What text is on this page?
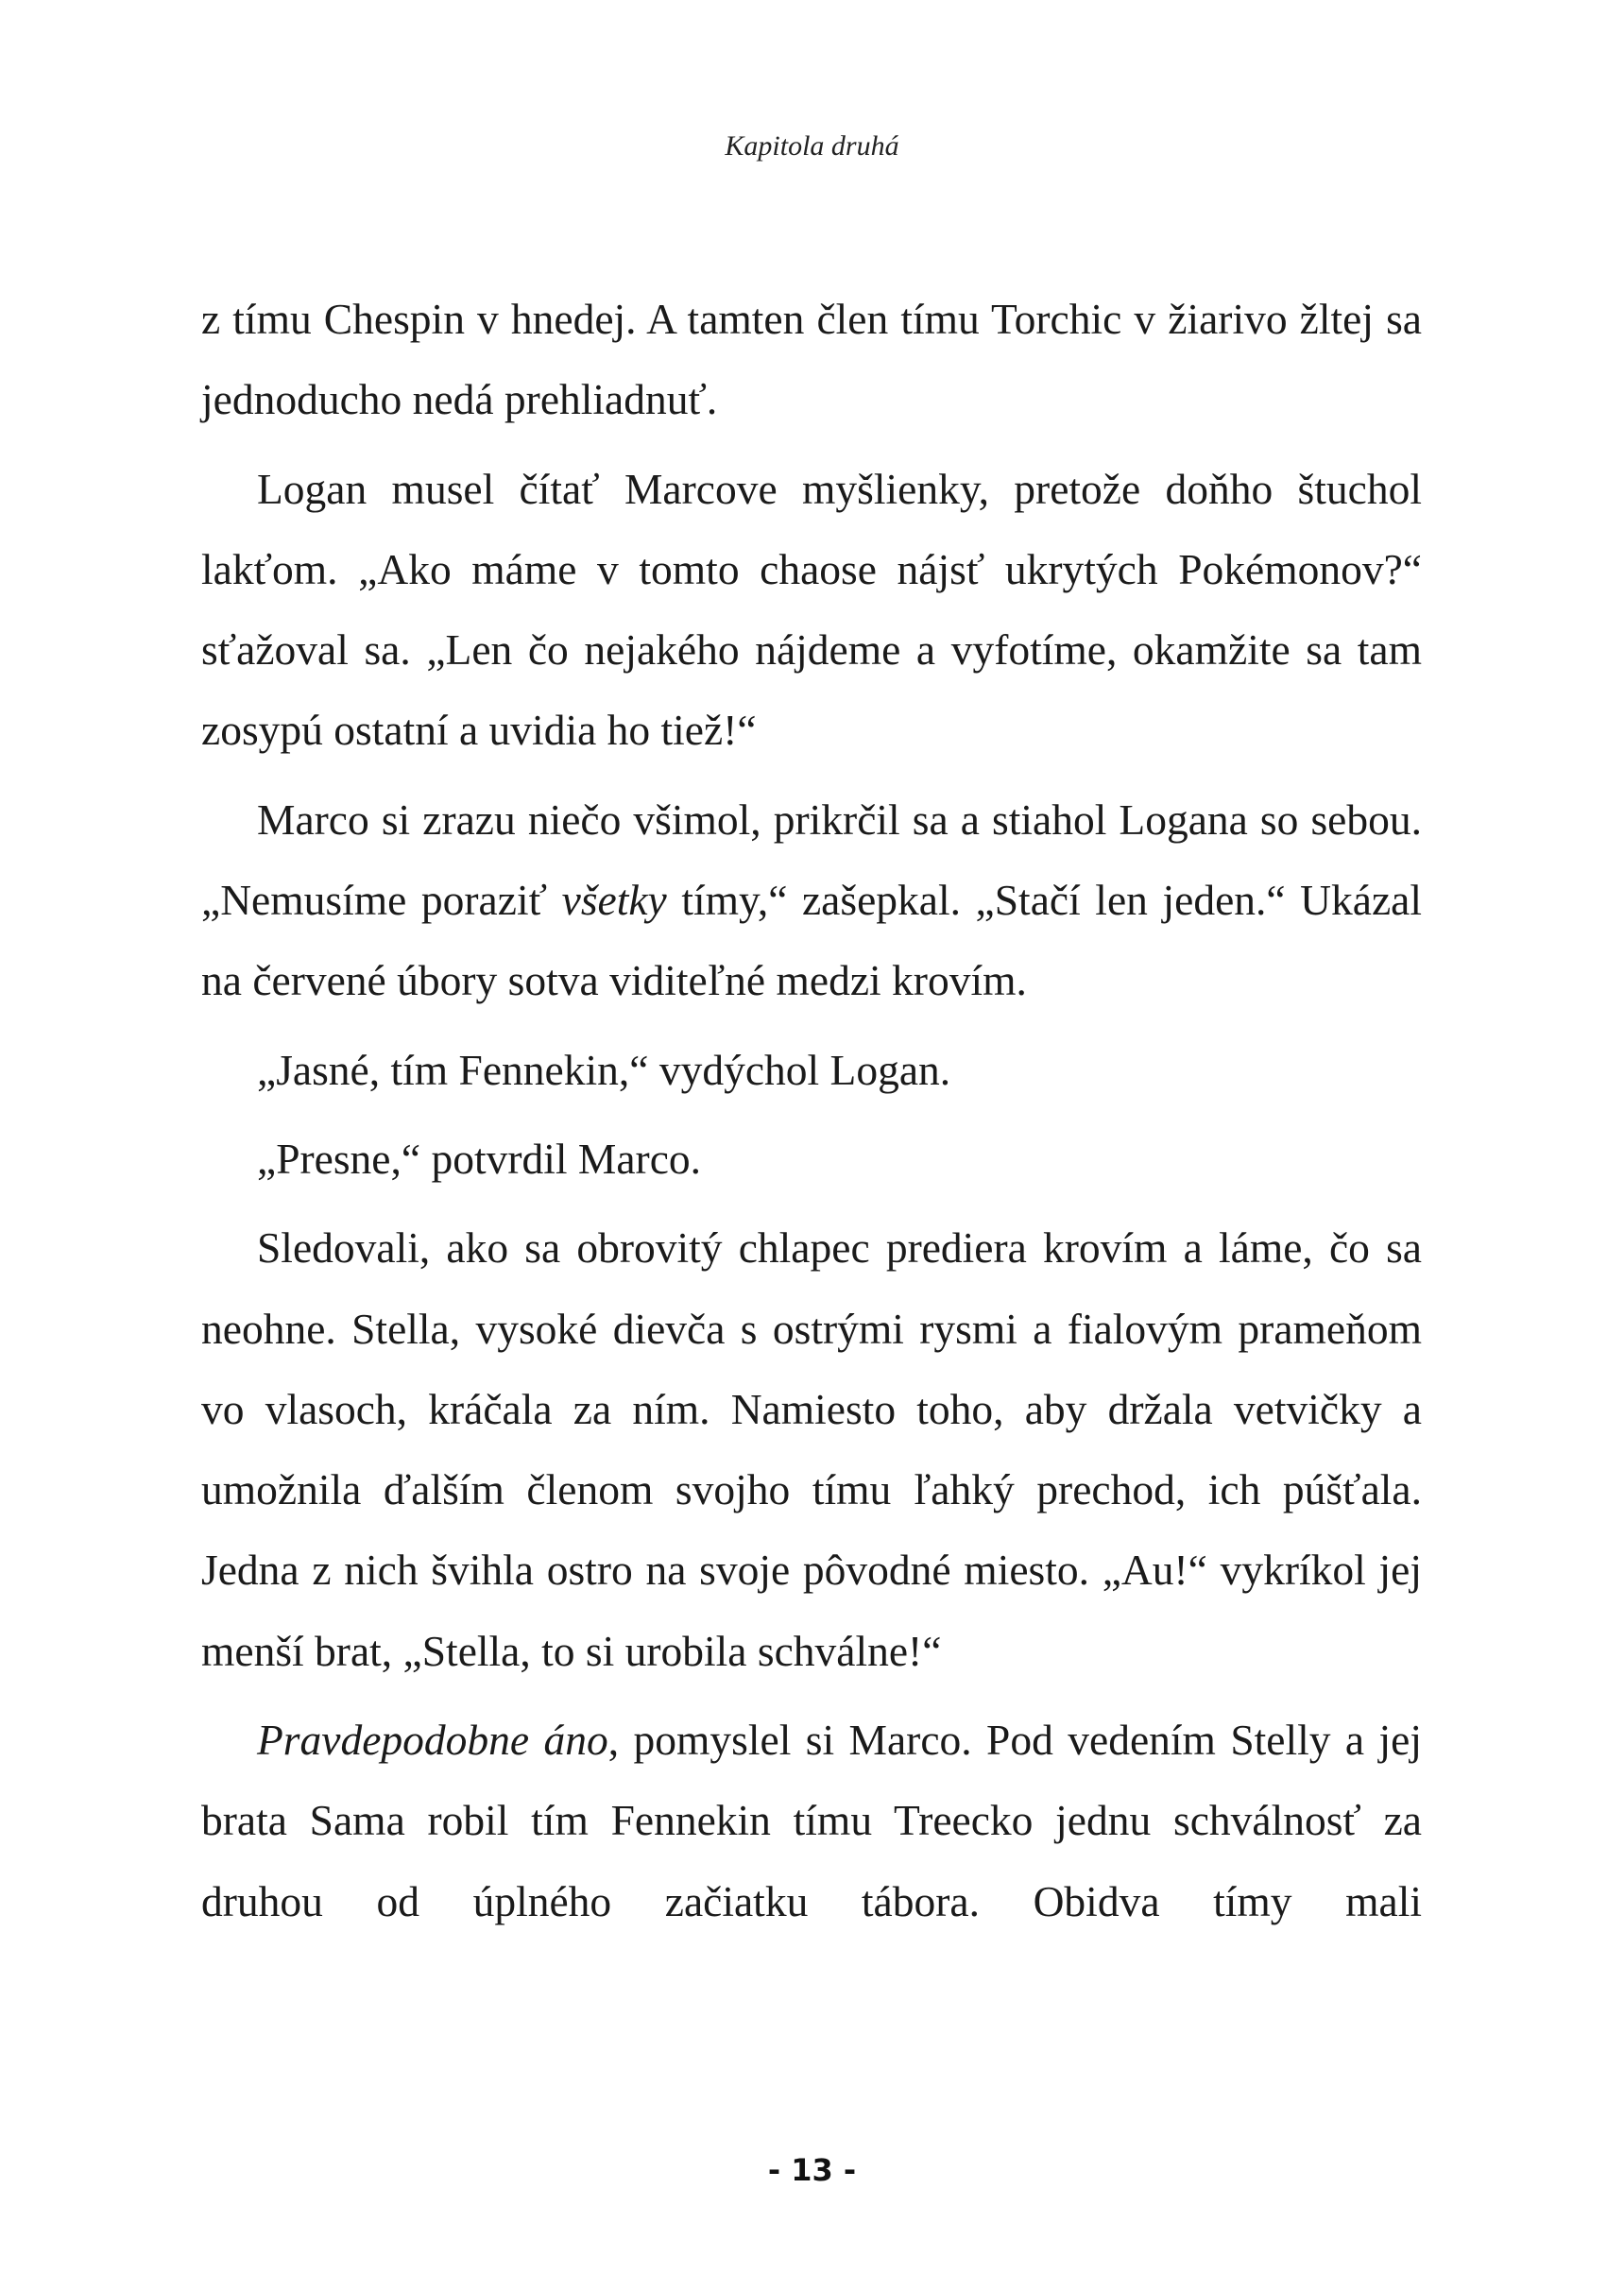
Kapitola druhá

z tímu Chespin v hnedej. A tamten člen tímu Torchic v žiarivo žltej sa jednoducho nedá prehliadnuť.

Logan musel čítať Marcove myšlienky, pretože doňho štuchol lakťom. „Ako máme v tomto chaose nájsť ukrytých Pokémonov?“ sťažoval sa. „Len čo nejakého nájdeme a vyfotíme, okamžite sa tam zosypú ostatní a uvidia ho tiež!“

Marco si zrazu niečo všimol, prikrčil sa a stiahol Logana so sebou. „Nemusíme poraziť všetky tímy,“ zašepkal. „Stačí len jeden.“ Ukázal na červené úbory sotva viditeľné medzi krovím.

„Jasné, tím Fennekin,“ vydýchol Logan.

„Presne,“ potvrdil Marco.

Sledovali, ako sa obrovitý chlapec prediera krovím a láme, čo sa neohne. Stella, vysoké dievča s ostrými rysmi a fialovým prameňom vo vlasoch, kráčala za ním. Namiesto toho, aby držala vetvičky a umožnila ďalším členom svojho tímu ľahký prechod, ich púšťala. Jedna z nich švihla ostro na svoje pôvodné miesto. „Au!“ vykríkol jej menší brat, „Stella, to si urobila schválne!“

Pravdepodobne áno, pomyslel si Marco. Pod vedením Stelly a jej brata Sama robil tím Fennekin tímu Treecko jednu schválnosť za druhou od úplného začiatku tábora. Obidva tímy mali

- 13 -
